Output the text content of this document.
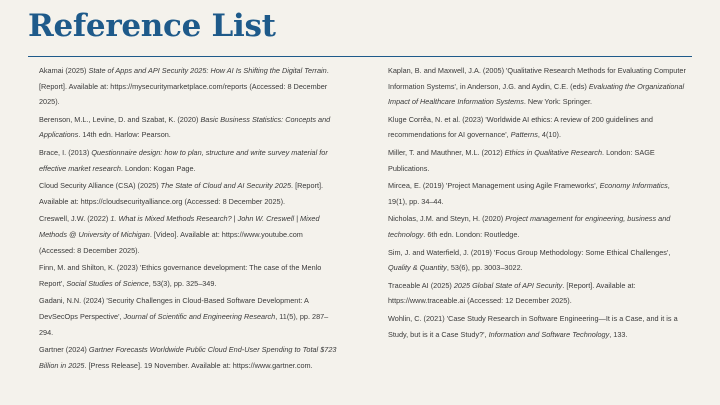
Reference List

Akamai (2025) State of Apps and API Security 2025: How AI Is Shifting the Digital Terrain. [Report]. Available at: https://mysecuritymarketplace.com/reports (Accessed: 8 December 2025).

Berenson, M.L., Levine, D. and Szabat, K. (2020) Basic Business Statistics: Concepts and Applications. 14th edn. Harlow: Pearson.

Brace, I. (2013) Questionnaire design: how to plan, structure and write survey material for effective market research. London: Kogan Page.

Cloud Security Alliance (CSA) (2025) The State of Cloud and AI Security 2025. [Report]. Available at: https://cloudsecurityalliance.org (Accessed: 8 December 2025).

Creswell, J.W. (2022) 1. What is Mixed Methods Research? | John W. Creswell | Mixed Methods @ University of Michigan. [Video]. Available at: https://www.youtube.com (Accessed: 8 December 2025).

Finn, M. and Shilton, K. (2023) 'Ethics governance development: The case of the Menlo Report', Social Studies of Science, 53(3), pp. 325–349.

Gadani, N.N. (2024) 'Security Challenges in Cloud-Based Software Development: A DevSecOps Perspective', Journal of Scientific and Engineering Research, 11(5), pp. 287–294.

Gartner (2024) Gartner Forecasts Worldwide Public Cloud End-User Spending to Total $723 Billion in 2025. [Press Release]. 19 November. Available at: https://www.gartner.com.

Kaplan, B. and Maxwell, J.A. (2005) 'Qualitative Research Methods for Evaluating Computer Information Systems', in Anderson, J.G. and Aydin, C.E. (eds) Evaluating the Organizational Impact of Healthcare Information Systems. New York: Springer.

Kluge Corrêa, N. et al. (2023) 'Worldwide AI ethics: A review of 200 guidelines and recommendations for AI governance', Patterns, 4(10).

Miller, T. and Mauthner, M.L. (2012) Ethics in Qualitative Research. London: SAGE Publications.

Mircea, E. (2019) 'Project Management using Agile Frameworks', Economy Informatics, 19(1), pp. 34–44.

Nicholas, J.M. and Steyn, H. (2020) Project management for engineering, business and technology. 6th edn. London: Routledge.

Sim, J. and Waterfield, J. (2019) 'Focus Group Methodology: Some Ethical Challenges', Quality & Quantity, 53(6), pp. 3003–3022.

Traceable AI (2025) 2025 Global State of API Security. [Report]. Available at: https://www.traceable.ai (Accessed: 12 December 2025).

Wohlin, C. (2021) 'Case Study Research in Software Engineering—It is a Case, and it is a Study, but is it a Case Study?', Information and Software Technology, 133.
